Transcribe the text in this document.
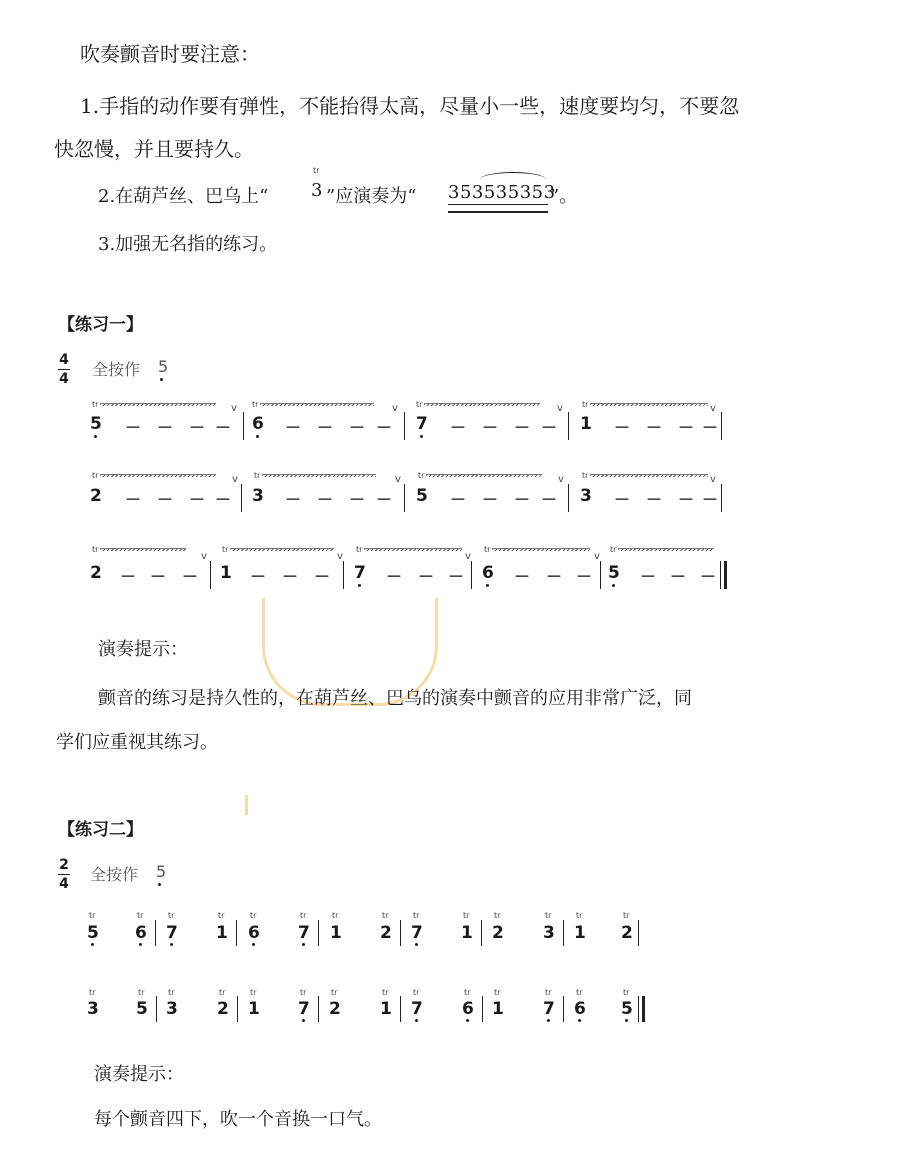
吹奏颤音时要注意：
1.手指的动作要有弹性，不能抬得太高，尽量小一些，速度要均匀，不要忽
快忽慢，并且要持久。
2.在葫芦丝、巴乌上“
tr
3 ”应演奏为“ 353535353
”。
3.加强无名指的练习。
【练习一】
4
4 全按作 5
tr	v
5 － － － －
tr	v
6 － － － －
tr	v
7 － － － －
tr	v
1 － － － －
tr	v
2 － － － －
tr	v
3 － － － －
tr	v
5 － － － －
tr	v
3 － － － －
tr
v
2 － － －
tr
v
1 － － －
tr
v
7 － － －
tr
v
6 － － －
tr
5 － － －
演奏提示：
颤音的练习是持久性的，在葫芦丝、巴乌的演奏中颤音的应用非常广泛，同
学们应重视其练习。
【练习二】
2
4 全按作 5
tr
5
tr
6
tr
7
tr
1
tr
6
tr
7
tr
1
tr
2
tr
7
tr
1
tr
2
tr
3
tr
1
tr
2
tr
3
tr
5
tr
3
tr
2
tr
1
tr
7
tr
2
tr
1
tr
7
tr
6
tr
1
tr
7
tr
6
tr
5
演奏提示：
每个颤音四下，吹一个音换一口气。
